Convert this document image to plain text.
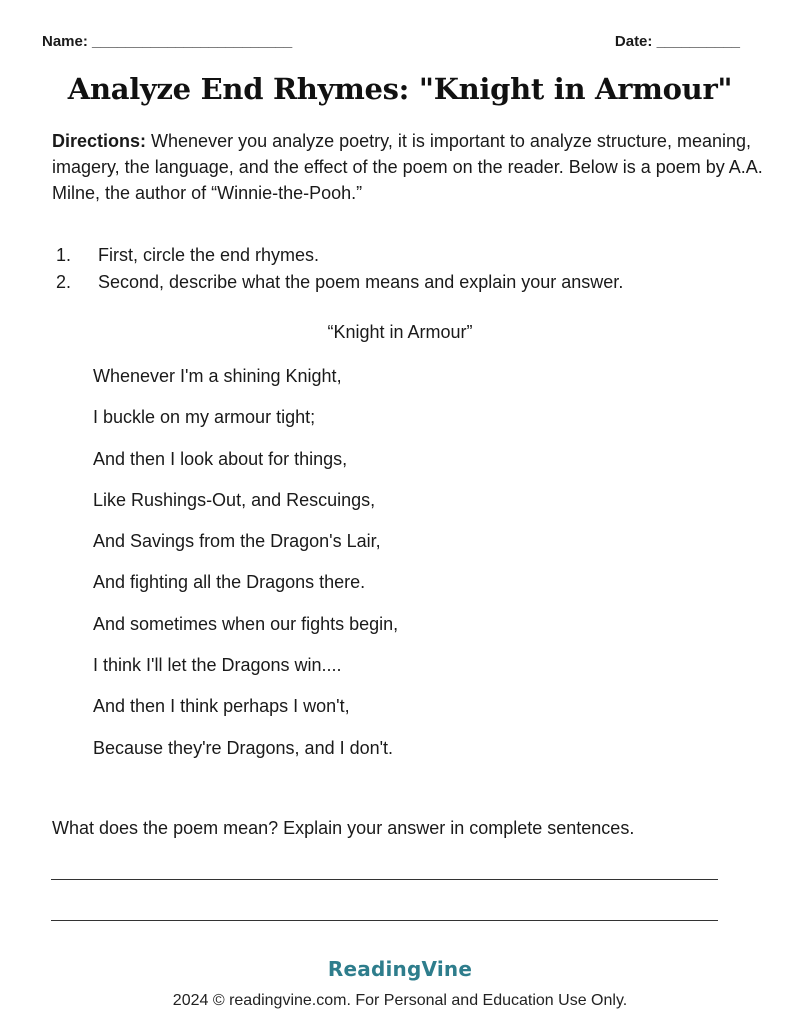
Name: ________________________	Date: __________
Analyze End Rhymes: "Knight in Armour"
Directions: Whenever you analyze poetry, it is important to analyze structure, meaning, imagery, the language, and the effect of the poem on the reader. Below is a poem by A.A. Milne, the author of “Winnie-the-Pooh.”
1.	First, circle the end rhymes.
2.	Second, describe what the poem means and explain your answer.
“Knight in Armour”
Whenever I'm a shining Knight,
I buckle on my armour tight;
And then I look about for things,
Like Rushings-Out, and Rescuings,
And Savings from the Dragon's Lair,
And fighting all the Dragons there.
And sometimes when our fights begin,
I think I'll let the Dragons win....
And then I think perhaps I won't,
Because they're Dragons, and I don't.
What does the poem mean? Explain your answer in complete sentences.
ReadingVine
2024 © readingvine.com. For Personal and Education Use Only.
